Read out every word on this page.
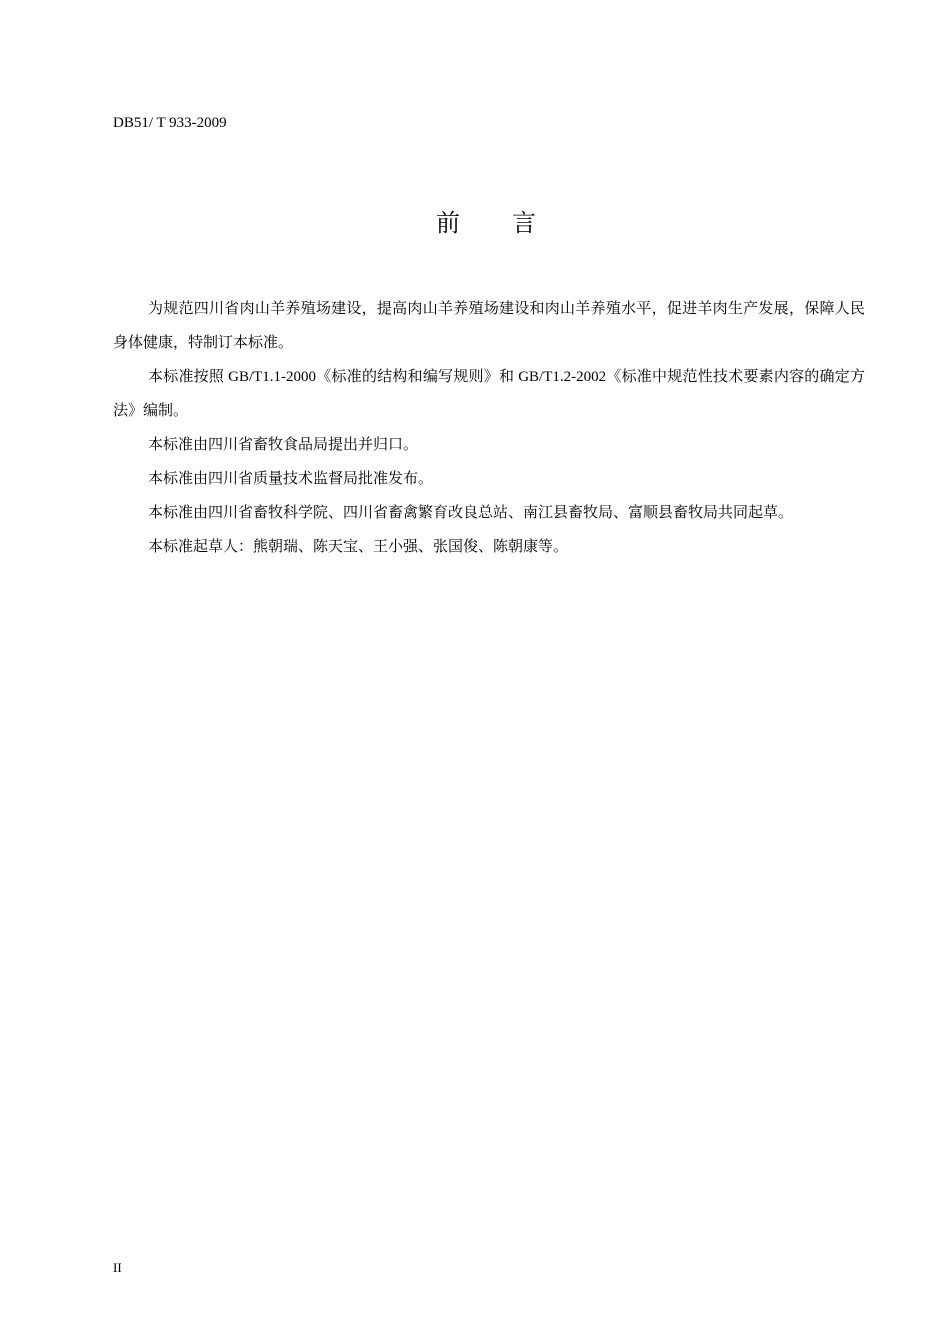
DB51/ T 933-2009
前 言

为规范四川省肉山羊养殖场建设，提高肉山羊养殖场建设和肉山羊养殖水平，促进羊肉生产发展，保障人民身体健康，特制订本标准。

本标准按照 GB/T1.1-2000《标准的结构和编写规则》和 GB/T1.2-2002《标准中规范性技术要素内容的确定方法》编制。

本标准由四川省畜牧食品局提出并归口。

本标准由四川省质量技术监督局批准发布。

本标准由四川省畜牧科学院、四川省畜禽繁育改良总站、南江县畜牧局、富顺县畜牧局共同起草。

本标准起草人：熊朝瑞、陈天宝、王小强、张国俊、陈朝康等。

II
